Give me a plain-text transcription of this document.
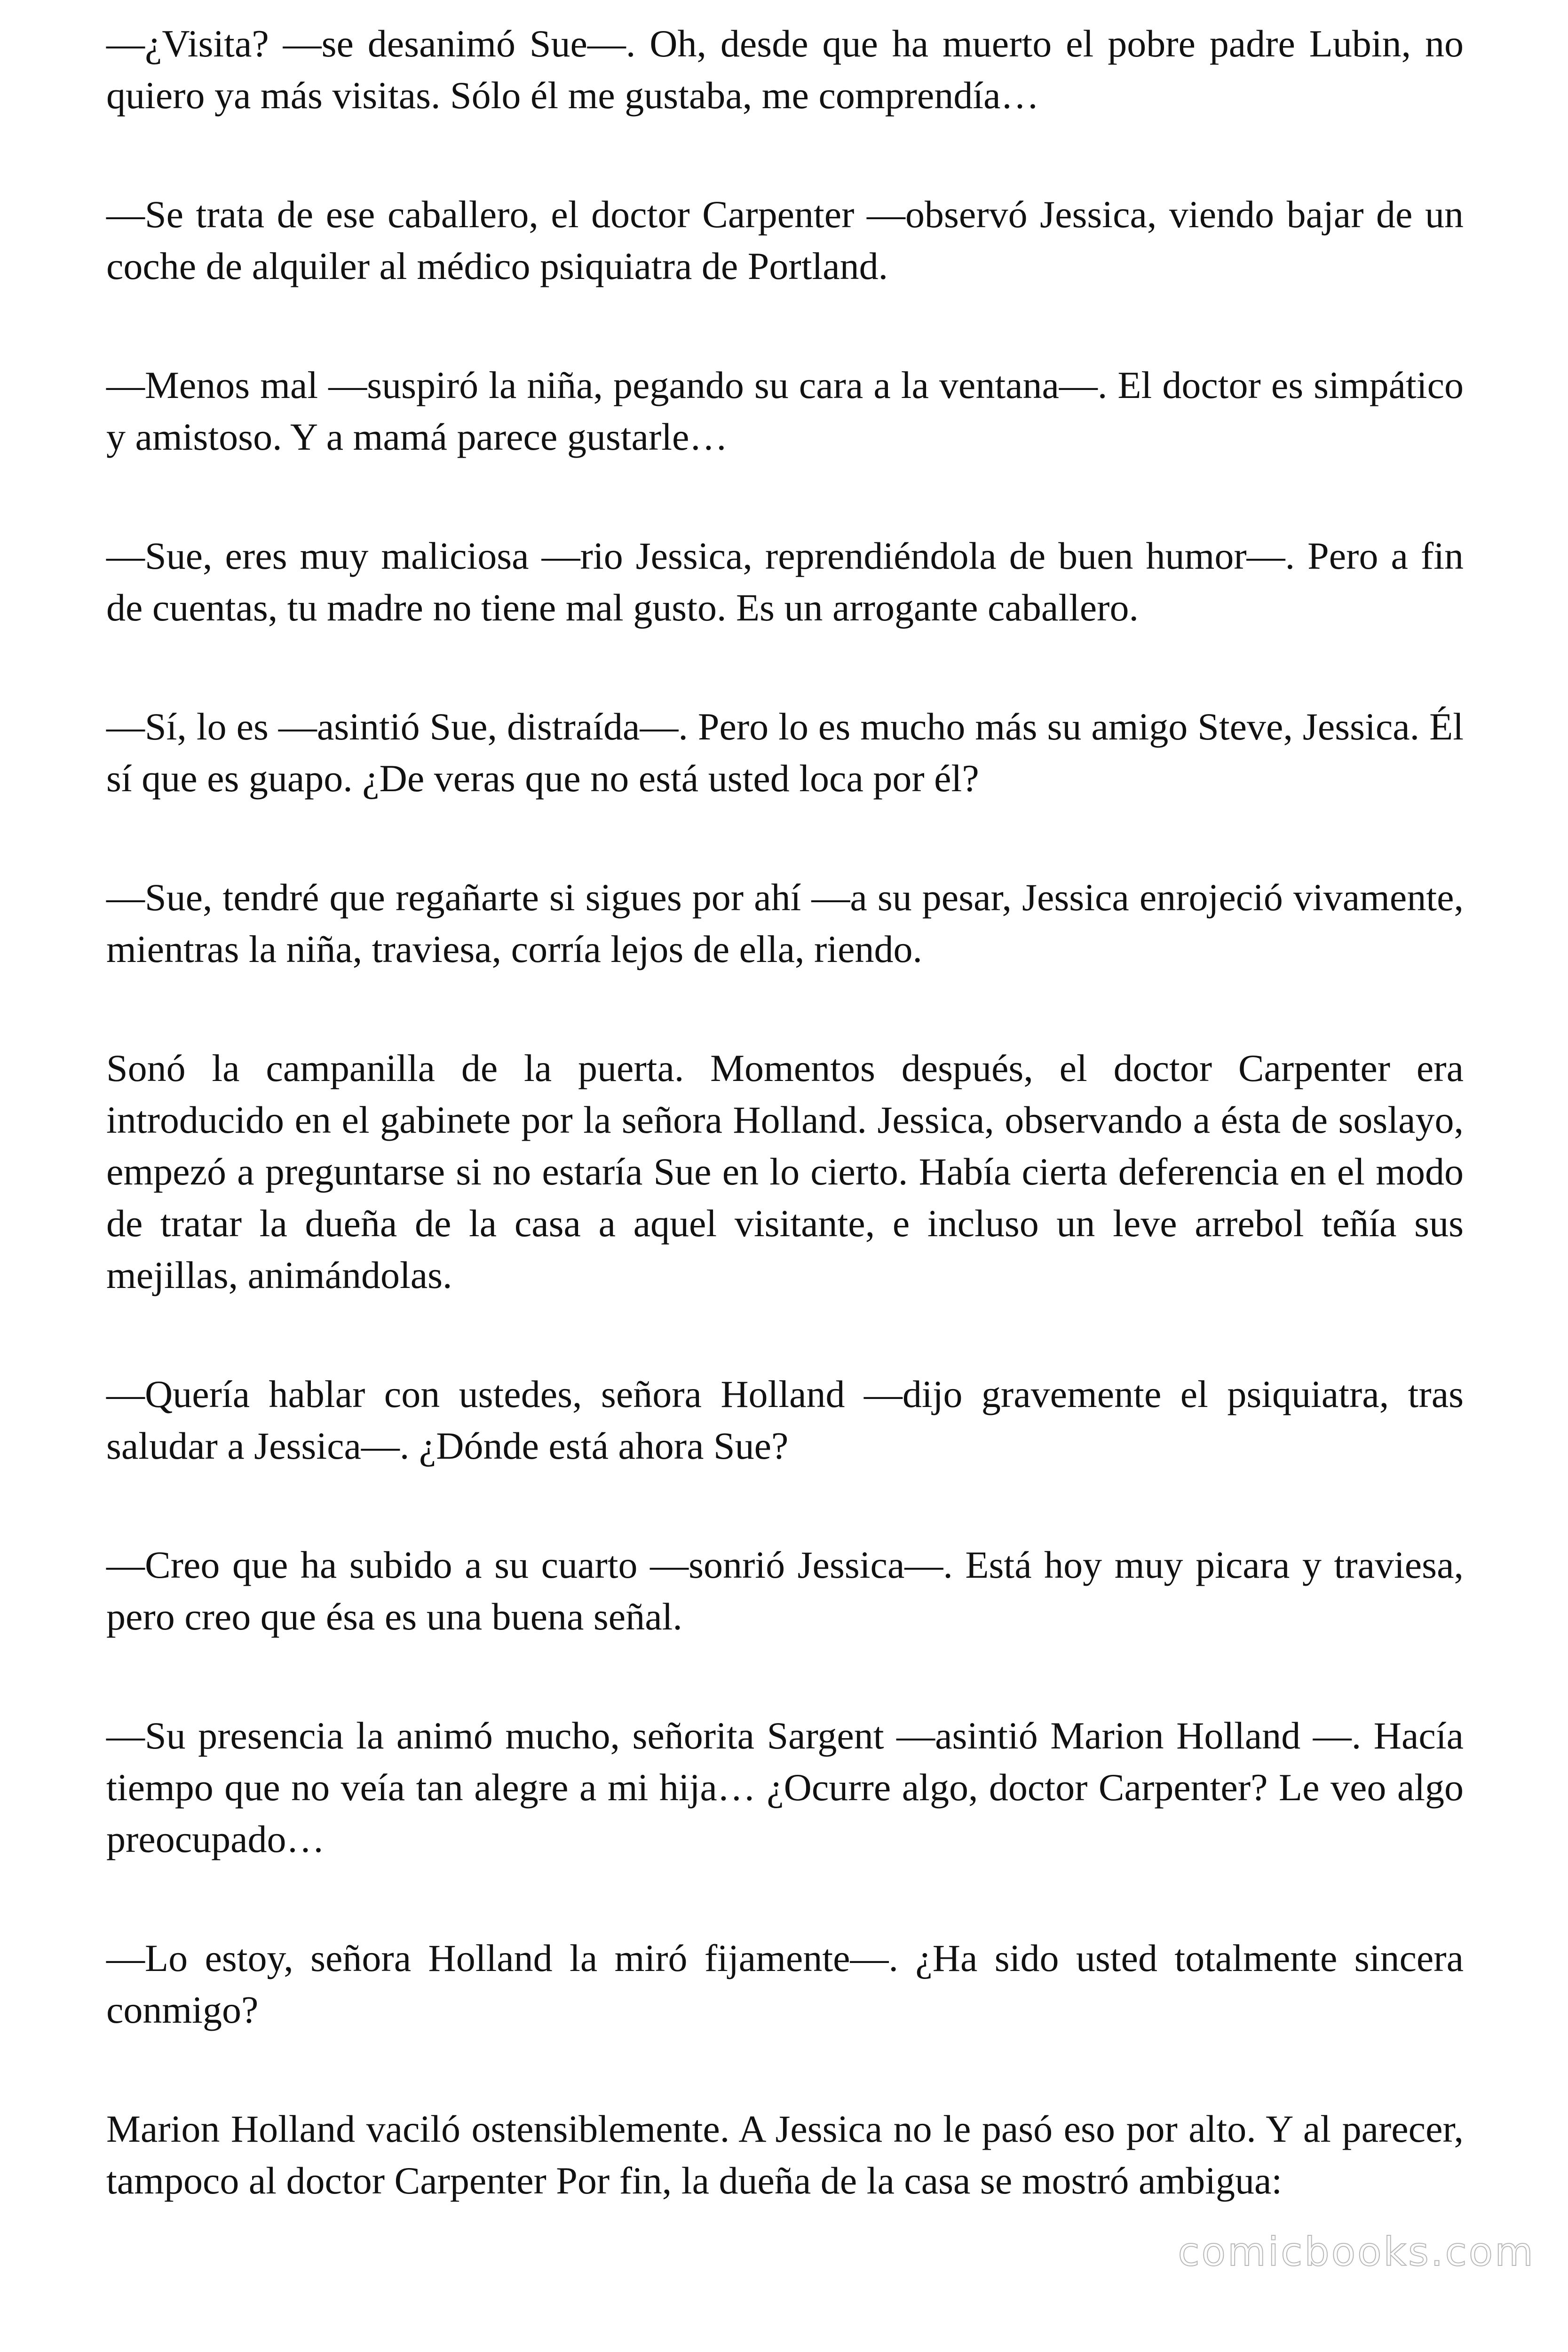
—¿Visita? —se desanimó Sue—. Oh, desde que ha muerto el pobre padre Lubin, no quiero ya más visitas. Sólo él me gustaba, me comprendía…

—Se trata de ese caballero, el doctor Carpenter —observó Jessica, viendo bajar de un coche de alquiler al médico psiquiatra de Portland.

—Menos mal —suspiró la niña, pegando su cara a la ventana—. El doctor es simpático y amistoso. Y a mamá parece gustarle…

—Sue, eres muy maliciosa —rio Jessica, reprendiéndola de buen humor—. Pero a fin de cuentas, tu madre no tiene mal gusto. Es un arrogante caballero.

—Sí, lo es —asintió Sue, distraída—. Pero lo es mucho más su amigo Steve, Jessica. Él sí que es guapo. ¿De veras que no está usted loca por él?

—Sue, tendré que regañarte si sigues por ahí —a su pesar, Jessica enrojeció vivamente, mientras la niña, traviesa, corría lejos de ella, riendo.

Sonó la campanilla de la puerta. Momentos después, el doctor Carpenter era introducido en el gabinete por la señora Holland. Jessica, observando a ésta de soslayo, empezó a preguntarse si no estaría Sue en lo cierto. Había cierta deferencia en el modo de tratar la dueña de la casa a aquel visitante, e incluso un leve arrebol teñía sus mejillas, animándolas.

—Quería hablar con ustedes, señora Holland —dijo gravemente el psiquiatra, tras saludar a Jessica—. ¿Dónde está ahora Sue?

—Creo que ha subido a su cuarto —sonrió Jessica—. Está hoy muy picara y traviesa, pero creo que ésa es una buena señal.

—Su presencia la animó mucho, señorita Sargent —asintió Marion Holland —. Hacía tiempo que no veía tan alegre a mi hija… ¿Ocurre algo, doctor Carpenter? Le veo algo preocupado…

—Lo estoy, señora Holland la miró fijamente—. ¿Ha sido usted totalmente sincera conmigo?

Marion Holland vaciló ostensiblemente. A Jessica no le pasó eso por alto. Y al parecer, tampoco al doctor Carpenter Por fin, la dueña de la casa se mostró ambigua:

comicbooks.com
